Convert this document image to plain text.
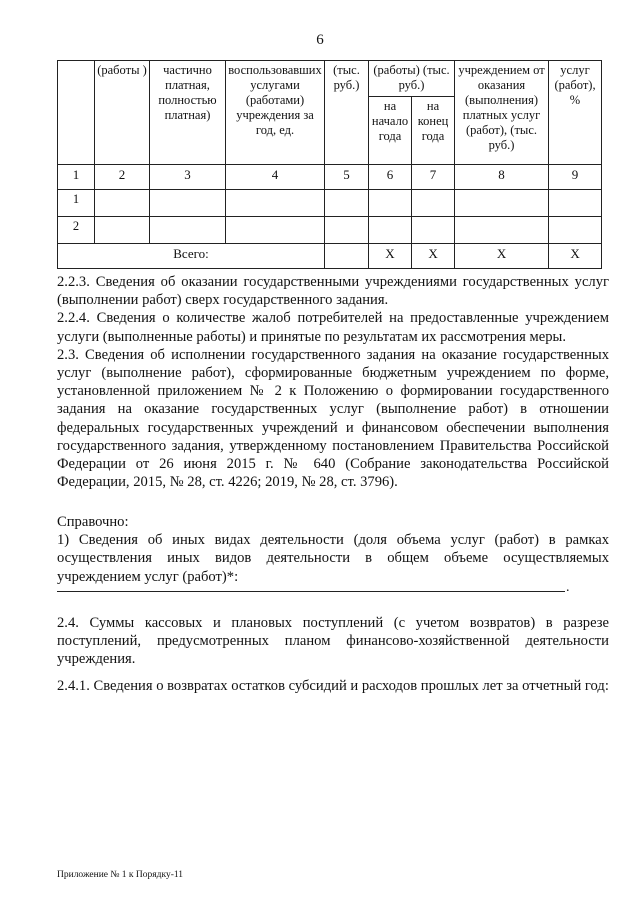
6
	(работы )	частично платная, полностью платная)	воспользовавших услугами (работами) учреждения за год, ед.	(тыс. руб.)	(работы) (тыс. руб.)		учреждением от оказания (выполнения) платных услуг (работ), (тыс. руб.)	услуг (работ), %
					на начало года	на конец года		
1	2	3	4	5	6	7	8	9
1								
2								
Всего:					X	X	X	X

2.2.3. Сведения об оказании государственными учреждениями государственных услуг (выполнении работ) сверх государственного задания.

2.2.4. Сведения о количестве жалоб потребителей на предоставленные учреждением услуги (выполненные работы) и принятые по результатам их рассмотрения меры.

2.3. Сведения об исполнении государственного задания на оказание государственных услуг (выполнение работ), сформированные бюджетным учреждением по форме, установленной приложением № 2 к Положению о формировании государственного задания на оказание государственных услуг (выполнение работ) в отношении федеральных государственных учреждений и финансовом обеспечении выполнения государственного задания, утвержденному постановлением Правительства Российской Федерации от 26 июня 2015 г. № 640 (Собрание законодательства Российской Федерации, 2015, № 28, ст. 4226; 2019, № 28, ст. 3796).

Справочно:

1) Сведения об иных видах деятельности (доля объема услуг (работ) в рамках осуществления иных видов деятельности в общем объеме осуществляемых учреждением услуг (работ)*:

.

2.4. Суммы кассовых и плановых поступлений (с учетом возвратов) в разрезе поступлений, предусмотренных планом финансово-хозяйственной деятельности учреждения.

2.4.1. Сведения о возвратах остатков субсидий и расходов прошлых лет за отчетный год:

Приложение № 1 к Порядку-11
